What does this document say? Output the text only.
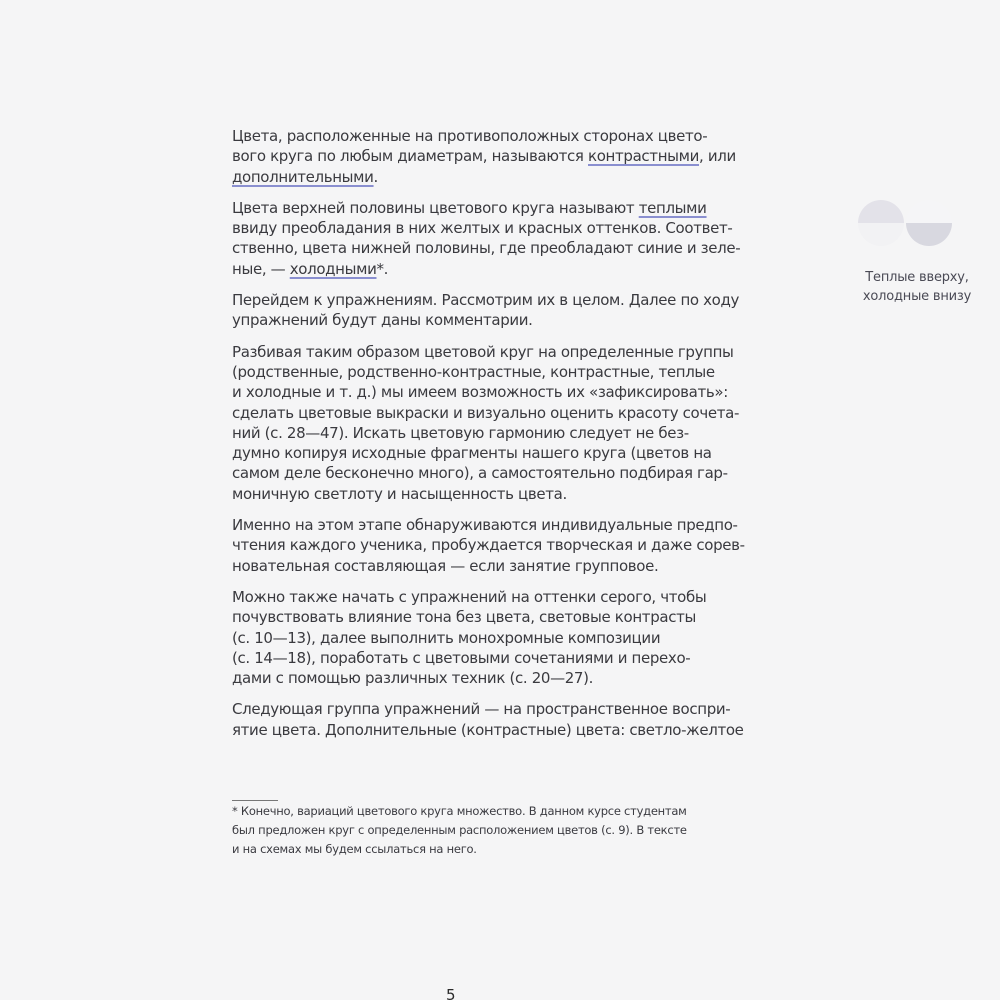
Цвета, расположенные на противоположных сторонах цвето-
вого круга по любым диаметрам, называются контрастными, или
дополнительными.
Цвета верхней половины цветового круга называют теплыми
ввиду преобладания в них желтых и красных оттенков. Соответ-
ственно, цвета нижней половины, где преобладают синие и зеле-
ные, — холодными*.
Перейдем к упражнениям. Рассмотрим их в целом. Далее по ходу
упражнений будут даны комментарии.
Разбивая таким образом цветовой круг на определенные группы
(родственные, родственно-контрастные, контрастные, теплые
и холодные и т. д.) мы имеем возможность их «зафиксировать»:
сделать цветовые выкраски и визуально оценить красоту сочета-
ний (с. 28—47). Искать цветовую гармонию следует не без-
думно копируя исходные фрагменты нашего круга (цветов на
самом деле бесконечно много), а самостоятельно подбирая гар-
моничную светлоту и насыщенность цвета.
Именно на этом этапе обнаруживаются индивидуальные предпо-
чтения каждого ученика, пробуждается творческая и даже сорев-
новательная составляющая — если занятие групповое.
Можно также начать с упражнений на оттенки серого, чтобы
почувствовать влияние тона без цвета, световые контрасты
(с. 10—13), далее выполнить монохромные композиции
(с. 14—18), поработать с цветовыми сочетаниями и перехо-
дами с помощью различных техник (с. 20—27).
Следующая группа упражнений — на пространственное воспри-
ятие цвета. Дополнительные (контрастные) цвета: светло-желтое
Теплые вверху,
холодные внизу
* Конечно, вариаций цветового круга множество. В данном курсе студентам
был предложен круг с определенным расположением цветов (с. 9). В тексте
и на схемах мы будем ссылаться на него.
5
